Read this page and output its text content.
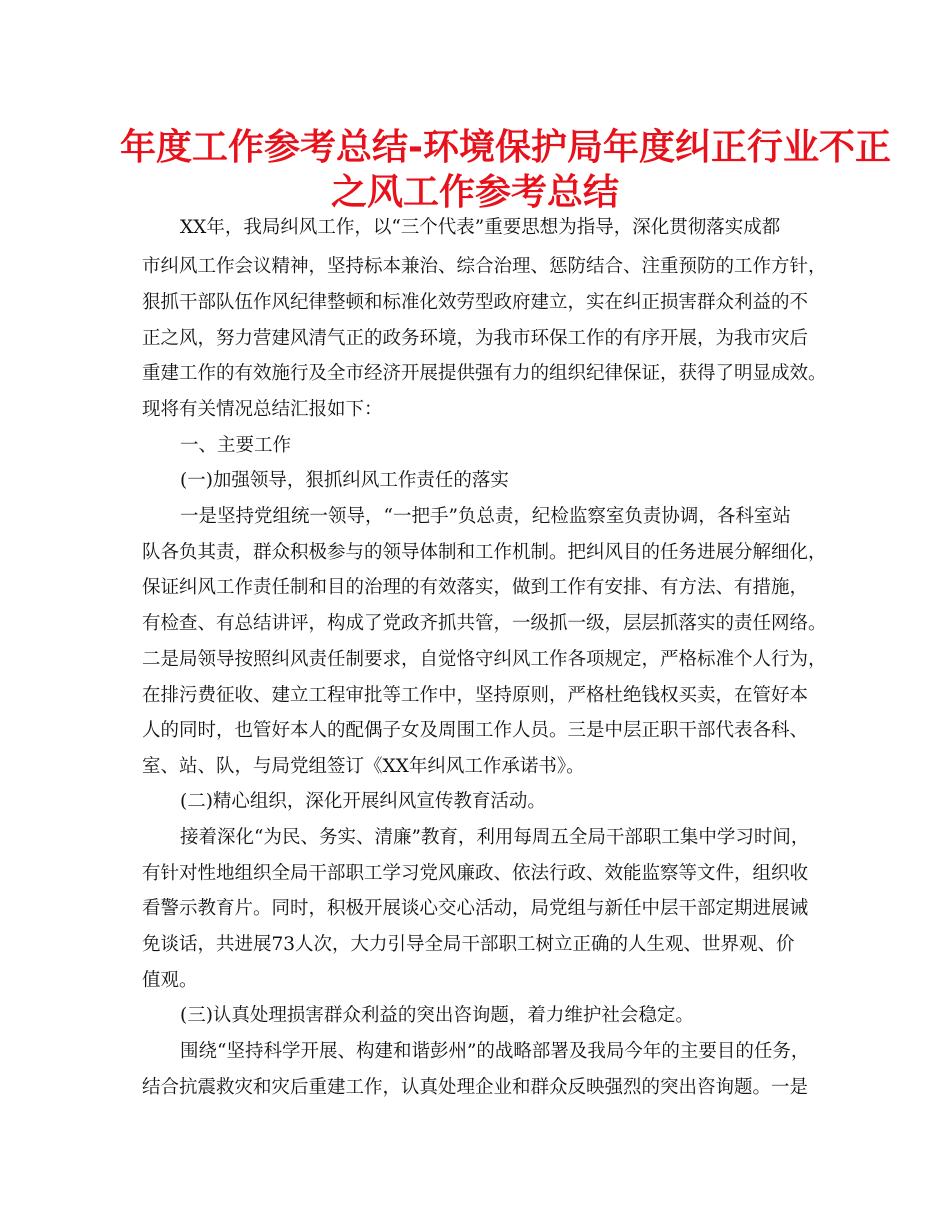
年度工作参考总结-环境保护局年度纠正行业不正
之风工作参考总结

XX年，我局纠风工作，以“三个代表”重要思想为指导，深化贯彻落实成都

市纠风工作会议精神，坚持标本兼治、综合治理、惩防结合、注重预防的工作方针，

狠抓干部队伍作风纪律整顿和标准化效劳型政府建立，实在纠正损害群众利益的不

正之风，努力营建风清气正的政务环境，为我市环保工作的有序开展，为我市灾后

重建工作的有效施行及全市经济开展提供强有力的组织纪律保证，获得了明显成效。

现将有关情况总结汇报如下：

一、主要工作

(一)加强领导，狠抓纠风工作责任的落实

一是坚持党组统一领导，“一把手”负总责，纪检监察室负责协调，各科室站

队各负其责，群众积极参与的领导体制和工作机制。把纠风目的任务进展分解细化，

保证纠风工作责任制和目的治理的有效落实，做到工作有安排、有方法、有措施，

有检查、有总结讲评，构成了党政齐抓共管，一级抓一级，层层抓落实的责任网络。

二是局领导按照纠风责任制要求，自觉恪守纠风工作各项规定，严格标准个人行为，

在排污费征收、建立工程审批等工作中，坚持原则，严格杜绝钱权买卖，在管好本

人的同时，也管好本人的配偶子女及周围工作人员。三是中层正职干部代表各科、

室、站、队，与局党组签订《XX年纠风工作承诺书》。

(二)精心组织，深化开展纠风宣传教育活动。

接着深化“为民、务实、清廉”教育，利用每周五全局干部职工集中学习时间，

有针对性地组织全局干部职工学习党风廉政、依法行政、效能监察等文件，组织收

看警示教育片。同时，积极开展谈心交心活动，局党组与新任中层干部定期进展诫

免谈话，共进展73人次，大力引导全局干部职工树立正确的人生观、世界观、价

值观。

(三)认真处理损害群众利益的突出咨询题，着力维护社会稳定。

围绕“坚持科学开展、构建和谐彭州”的战略部署及我局今年的主要目的任务，

结合抗震救灾和灾后重建工作，认真处理企业和群众反映强烈的突出咨询题。一是
